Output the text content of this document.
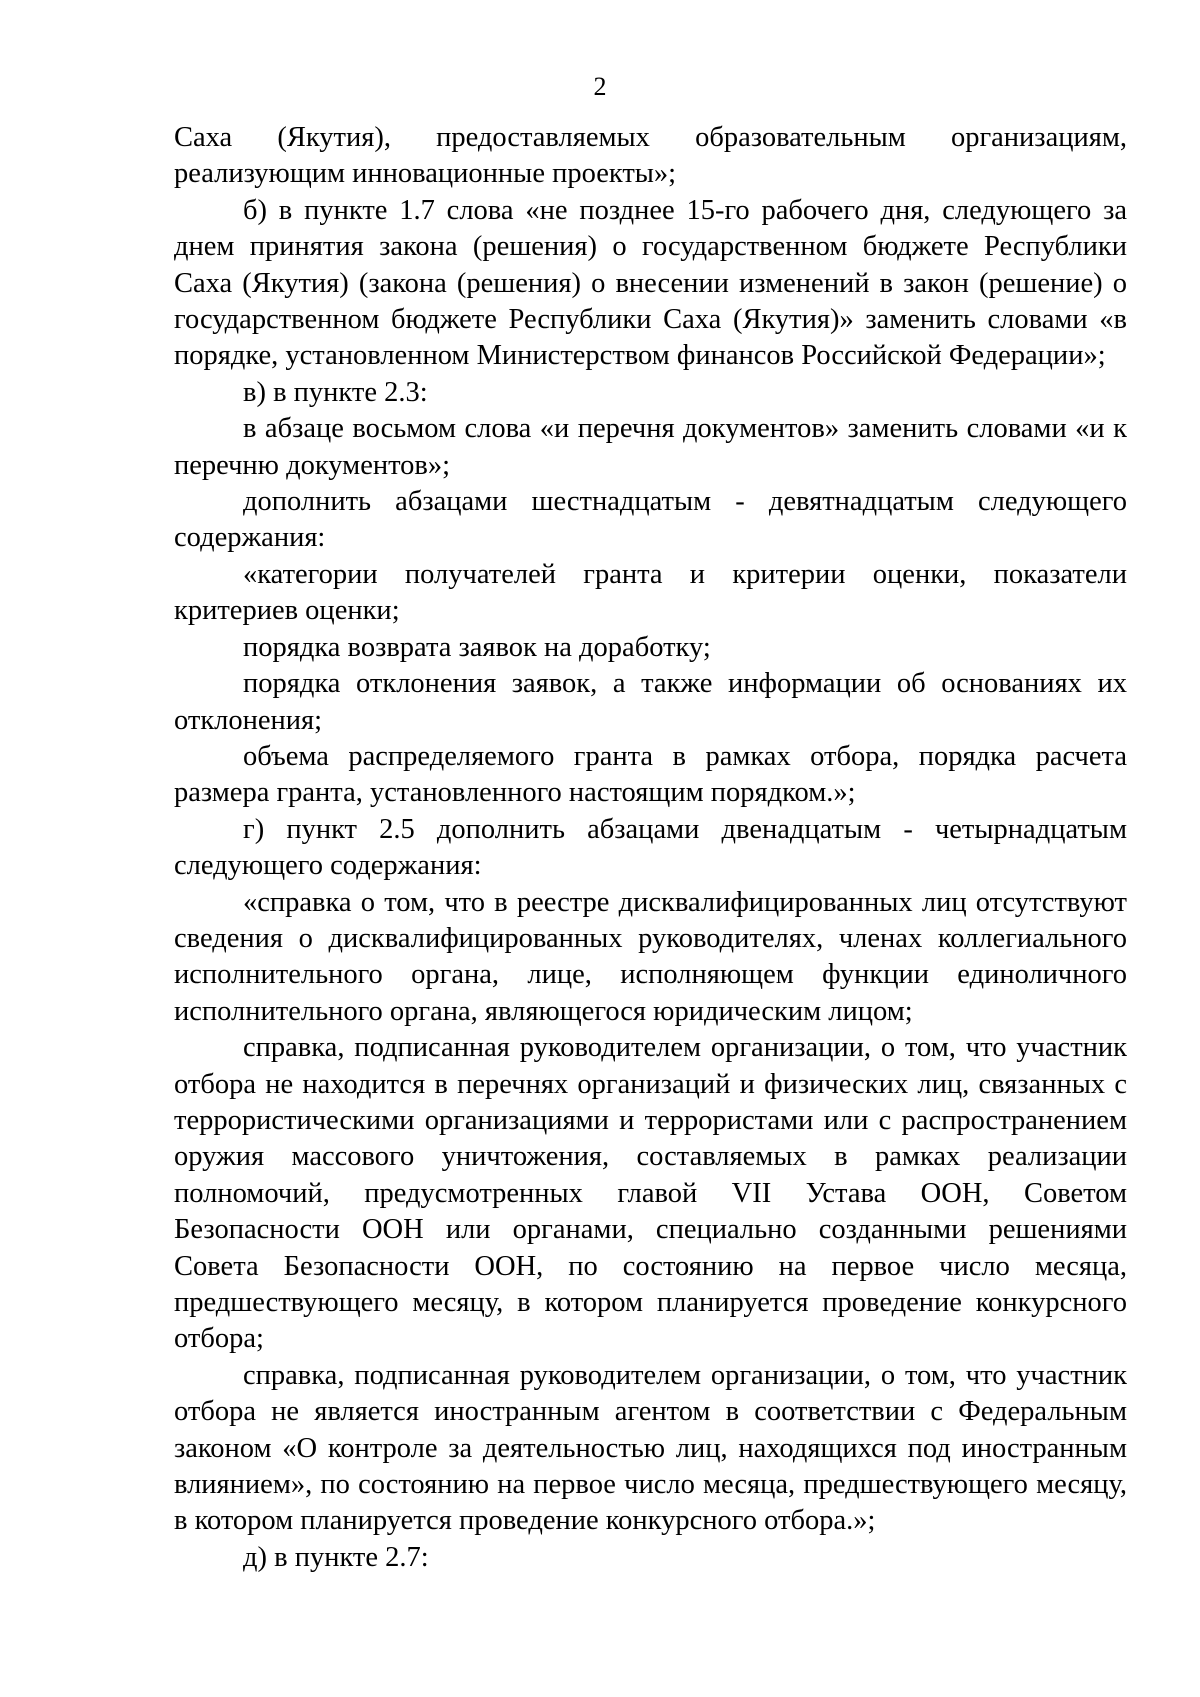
2

Саха (Якутия), предоставляемых образовательным организациям, реализующим инновационные проекты»;

б) в пункте 1.7 слова «не позднее 15-го рабочего дня, следующего за днем принятия закона (решения) о государственном бюджете Республики Саха (Якутия) (закона (решения) о внесении изменений в закон (решение) о государственном бюджете Республики Саха (Якутия)» заменить словами «в порядке, установленном Министерством финансов Российской Федерации»;

в) в пункте 2.3:

в абзаце восьмом слова «и перечня документов» заменить словами «и к перечню документов»;

дополнить абзацами шестнадцатым - девятнадцатым следующего содержания:

«категории получателей гранта и критерии оценки, показатели критериев оценки;

порядка возврата заявок на доработку;

порядка отклонения заявок, а также информации об основаниях их отклонения;

объема распределяемого гранта в рамках отбора, порядка расчета размера гранта, установленного настоящим порядком.»;

г) пункт 2.5 дополнить абзацами двенадцатым - четырнадцатым следующего содержания:

«справка о том, что в реестре дисквалифицированных лиц отсутствуют сведения о дисквалифицированных руководителях, членах коллегиального исполнительного органа, лице, исполняющем функции единоличного исполнительного органа, являющегося юридическим лицом;

справка, подписанная руководителем организации, о том, что участник отбора не находится в перечнях организаций и физических лиц, связанных с террористическими организациями и террористами или с распространением оружия массового уничтожения, составляемых в рамках реализации полномочий, предусмотренных главой VII Устава ООН, Советом Безопасности ООН или органами, специально созданными решениями Совета Безопасности ООН, по состоянию на первое число месяца, предшествующего месяцу, в котором планируется проведение конкурсного отбора;

справка, подписанная руководителем организации, о том, что участник отбора не является иностранным агентом в соответствии с Федеральным законом «О контроле за деятельностью лиц, находящихся под иностранным влиянием», по состоянию на первое число месяца, предшествующего месяцу, в котором планируется проведение конкурсного отбора.»;

д) в пункте 2.7:
